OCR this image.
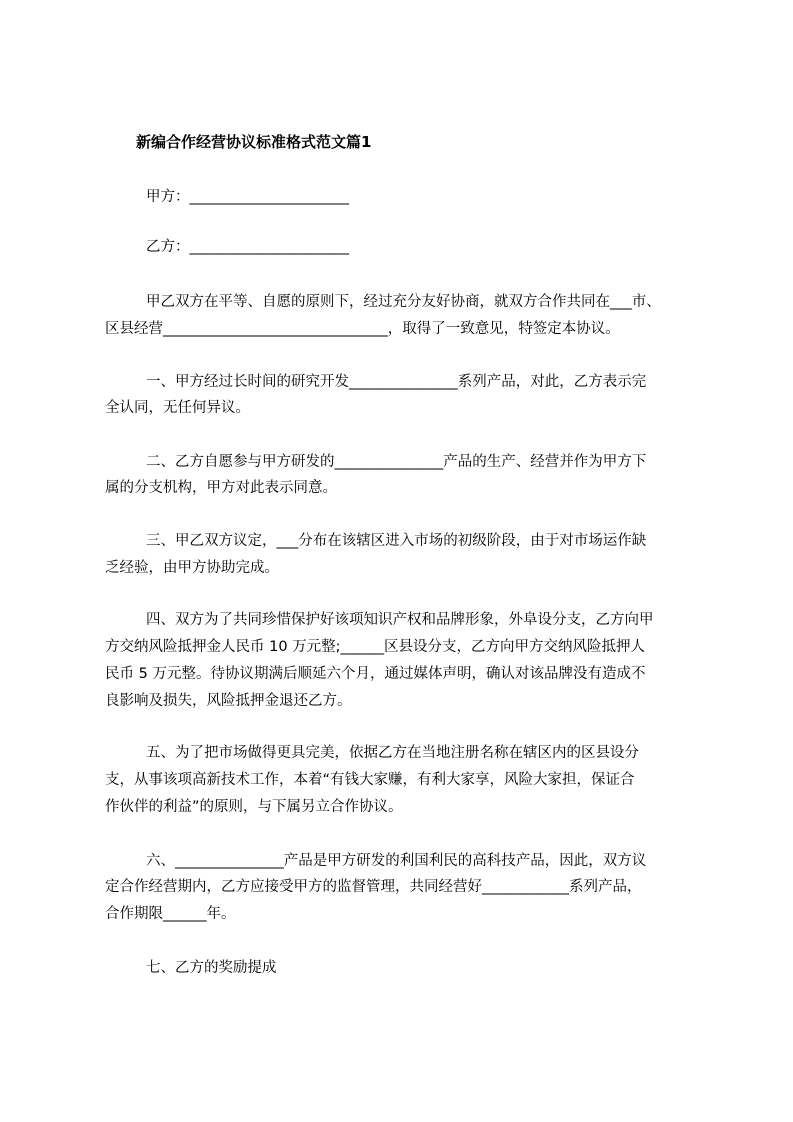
新编合作经营协议标准格式范文篇1
甲方：______________________
乙方：______________________
甲乙双方在平等、自愿的原则下，经过充分友好协商，就双方合作共同在___市、
区县经营_______________________________，取得了一致意见，特签定本协议。
一、甲方经过长时间的研究开发_______________系列产品，对此，乙方表示完
全认同，无任何异议。
二、乙方自愿参与甲方研发的_______________产品的生产、经营并作为甲方下
属的分支机构，甲方对此表示同意。
三、甲乙双方议定，___分布在该辖区进入市场的初级阶段，由于对市场运作缺
乏经验，由甲方协助完成。
四、双方为了共同珍惜保护好该项知识产权和品牌形象，外阜设分支，乙方向甲
方交纳风险抵押金人民币 10 万元整;______区县设分支，乙方向甲方交纳风险抵押人
民币 5 万元整。待协议期满后顺延六个月，通过媒体声明，确认对该品牌没有造成不
良影响及损失，风险抵押金退还乙方。
五、为了把市场做得更具完美，依据乙方在当地注册名称在辖区内的区县设分
支，从事该项高新技术工作，本着“有钱大家赚，有利大家享，风险大家担，保证合
作伙伴的利益”的原则，与下属另立合作协议。
六、_______________产品是甲方研发的利国利民的高科技产品，因此，双方议
定合作经营期内，乙方应接受甲方的监督管理，共同经营好____________系列产品，
合作期限______年。
七、乙方的奖励提成
